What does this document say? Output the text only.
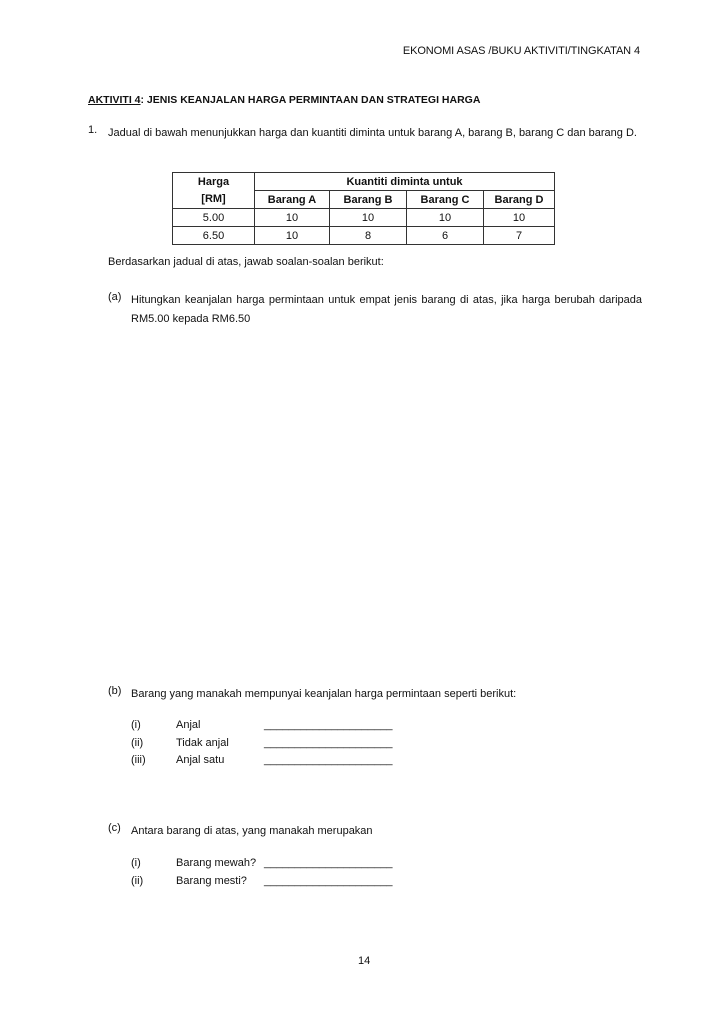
EKONOMI ASAS /BUKU AKTIVITI/TINGKATAN 4
AKTIVITI 4: JENIS KEANJALAN HARGA PERMINTAAN DAN STRATEGI HARGA
1. Jadual di bawah menunjukkan harga dan kuantiti diminta untuk barang A, barang B, barang C dan barang D.
Harga	Kuantiti diminta untuk			
[RM]	Barang A	Barang B	Barang C	Barang D
5.00	10	10	10	10
6.50	10	8	6	7
Berdasarkan jadual di atas, jawab soalan-soalan berikut:
(a) Hitungkan keanjalan harga permintaan untuk empat jenis barang di atas, jika harga berubah daripada RM5.00 kepada RM6.50
(b) Barang yang manakah mempunyai keanjalan harga permintaan seperti berikut:
(i)	Anjal	_____________________
(ii)	Tidak anjal	_____________________
(iii)	Anjal satu	_____________________
(c) Antara barang di atas, yang manakah merupakan
(i)	Barang mewah? _____________________
(ii)	Barang mesti? _____________________
14
